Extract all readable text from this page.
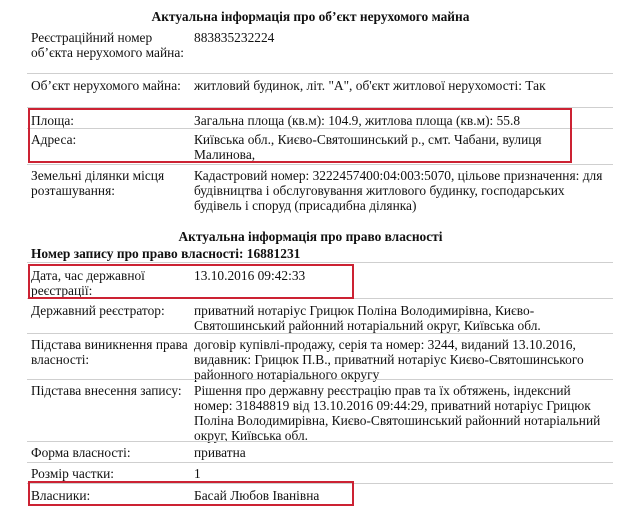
Актуальна інформація про об’єкт нерухомого майна
Реєстраційний номер об’єкта нерухомого майна:
883835232224
Об’єкт нерухомого майна: житловий будинок, літ. "А", об'єкт житлової нерухомості: Так
Площа:	Загальна площа (кв.м): 104.9, житлова площа (кв.м): 55.8
Адреса:	Київська обл., Києво-Святошинський р., смт. Чабани, вулиця Малинова,
Земельні ділянки місця розташування:
Кадастровий номер: 3222457400:04:003:5070, цільове призначення: для будівництва і обслуговування житлового будинку, господарських будівель і споруд (присадибна ділянка)
Актуальна інформація про право власності
Номер запису про право власності: 16881231
Дата, час державної реєстрації:
13.10.2016 09:42:33
Державний реєстратор:	приватний нотаріус Грицюк Поліна Володимирівна, Києво-Святошинський районний нотаріальний округ, Київська обл.
Підстава виникнення права власності:
договір купівлі-продажу, серія та номер: 3244, виданий 13.10.2016, видавник: Грицюк П.В., приватний нотаріус Києво-Святошинського районного нотаріального округу
Підстава внесення запису: Рішення про державну реєстрацію прав та їх обтяжень, індексний номер: 31848819 від 13.10.2016 09:44:29, приватний нотаріус Грицюк Поліна Володимирівна, Києво-Святошинський районний нотаріальний округ, Київська обл.
Форма власності:	приватна
Розмір частки:	1
Власники:	Басай Любов Іванівна
